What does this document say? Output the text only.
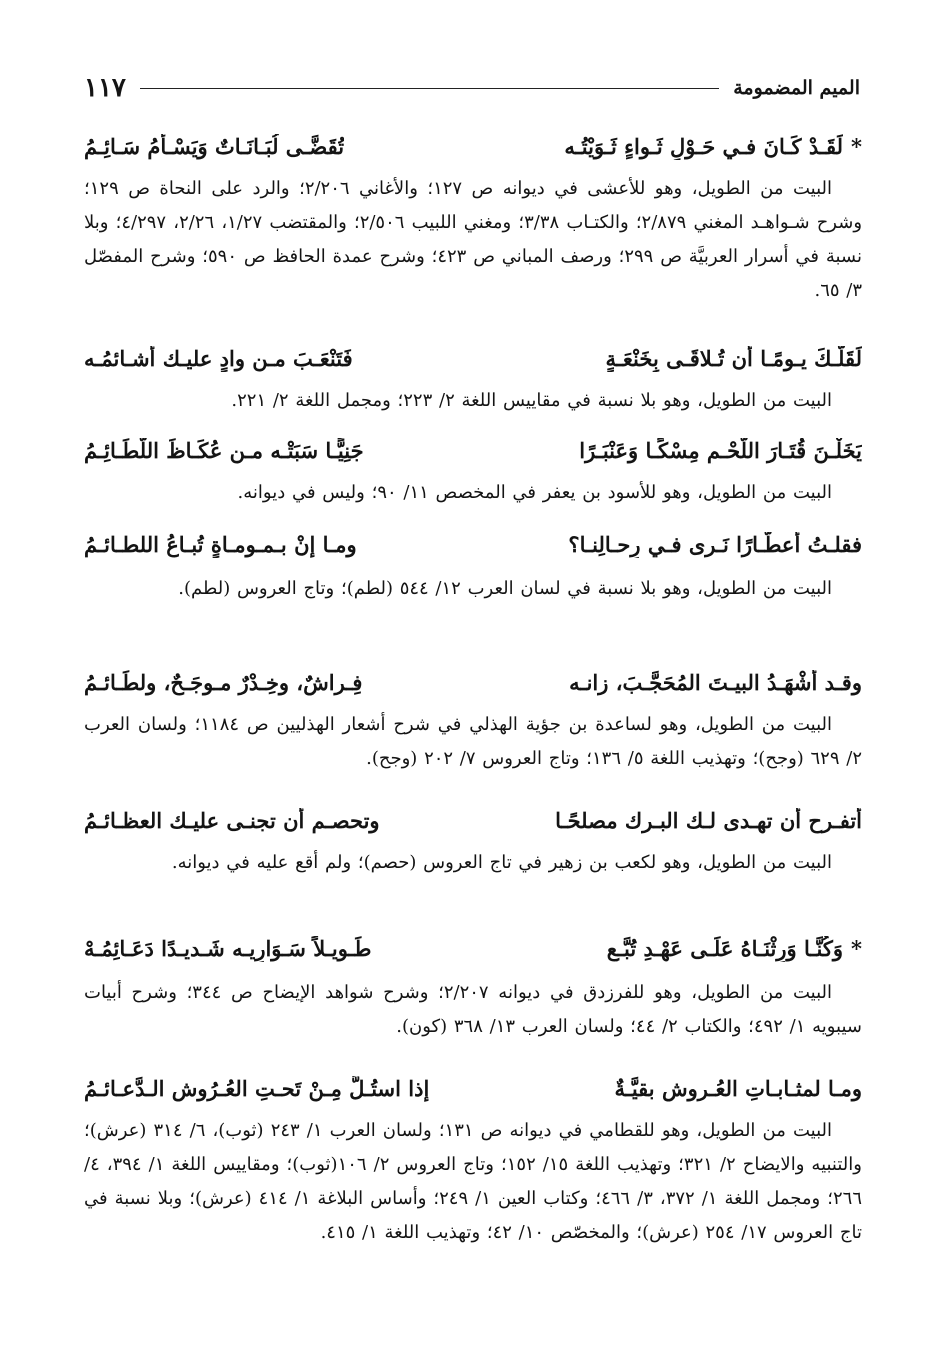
الميم المضمومة
١١٧
*
لَقَـدْ كَـانَ فـي حَـوْلٍ ثَـواءٍ ثَـوَيْتُـه
تُقَضَّـى لُبَـانَـاتٌ وَيَسْـأمُ سَـائِـمُ
البيت من الطويل، وهو للأعشى في ديوانه ص ١٢٧؛ والأغاني ٢/٢٠٦؛ والرد على النحاة ص ١٢٩؛ وشرح شـواهـد المغني ٢/٨٧٩؛ والكتـاب ٣/٣٨؛ ومغني اللبيب ٢/٥٠٦؛ والمقتضب ١/٢٧، ٢/٢٦، ٤/٢٩٧؛ وبلا نسبة في أسرار العربيَّة ص ٢٩٩؛ ورصف المباني ص ٤٢٣؛ وشرح عمدة الحافظ ص ٥٩٠؛ وشرح المفصّل ٣/ ٦٥.
لَقَلَّـكَ يـومًـا أن تُـلاقَـى بِخَنْعَـةٍ
فَتَنْعَـبَ مـن وادٍ عليـك أشـائمُـه
البيت من الطويل، وهو بلا نسبة في مقاييس اللغة ٢/ ٢٢٣؛ ومجمل اللغة ٢/ ٢٢١.
يَخَلْـنَ قُتَـارَ اللَّحْـمِ مِسْكًـا وَعَنْبَـرًا
جَنِيًّـا سَبَتْـه مـن عُكَـاظَ اللَّطَـائِـمُ
البيت من الطويل، وهو للأسود بن يعفر في المخصص ١١/ ٩٠؛ وليس في ديوانه.
فقلـتُ أعطَّـارًا نَـرى فـي رِحـالِنـا؟
ومـا إنْ بـمـومـاةٍ تُبـاعُ اللطـائـمُ
البيت من الطويل، وهو بلا نسبة في لسان العرب ١٢/ ٥٤٤ (لطم)؛ وتاج العروس (لطم).
وقـد أشْهَـدُ البيـتَ المُحَجَّـبَ، زانـه
فِـراشٌ، وخِـدْرٌ مـوجَـحٌ، ولطَـائـمُ
البيت من الطويل، وهو لساعدة بن جؤية الهذلي في شرح أشعار الهذليين ص ١١٨٤؛ ولسان العرب ٢/ ٦٢٩ (وجح)؛ وتهذيب اللغة ٥/ ١٣٦؛ وتاج العروس ٧/ ٢٠٢ (وجح).
أتفـرح أن تهـدى لـك البـرك مصلحًـا
وتحصـم أن تجنـى عليـك العظـائـمُ
البيت من الطويل، وهو لكعب بن زهير في تاج العروس (حصم)؛ ولم أقع عليه في ديوانه.
*
وَكُنَّـا وَرِثْنَـاهُ عَلَـى عَهْـدِ تُبَّـعٍ
طَـويـلاً سَـوَارِيـه شَـديـدًا دَعَـائِمُـهْ
البيت من الطويل، وهو للفرزدق في ديوانه ٢/٢٠٧؛ وشرح شواهد الإيضاح ص ٣٤٤؛ وشرح أبيات سيبويه ١/ ٤٩٢؛ والكتاب ٢/ ٤٤؛ ولسان العرب ١٣/ ٣٦٨ (كون).
ومـا لمثـابـاتِ العُـروشِ بقيَّـةٌ
إذا استُـلَّ مِـنْ تَحـتِ العُـرُوشِ الـدَّعـائـمُ
البيت من الطويل، وهو للقطامي في ديوانه ص ١٣١؛ ولسان العرب ١/ ٢٤٣ (ثوب)، ٦/ ٣١٤ (عرش)؛ والتنبيه والايضاح ٢/ ٣٢١؛ وتهذيب اللغة ١٥/ ١٥٢؛ وتاج العروس ٢/ ١٠٦(ثوب)؛ ومقاييس اللغة ١/ ٣٩٤، ٤/ ٢٦٦؛ ومجمل اللغة ١/ ٣٧٢، ٣/ ٤٦٦؛ وكتاب العين ١/ ٢٤٩؛ وأساس البلاغة ١/ ٤١٤ (عرش)؛ وبلا نسبة في تاج العروس ١٧/ ٢٥٤ (عرش)؛ والمخصّص ١٠/ ٤٢؛ وتهذيب اللغة ١/ ٤١٥.
